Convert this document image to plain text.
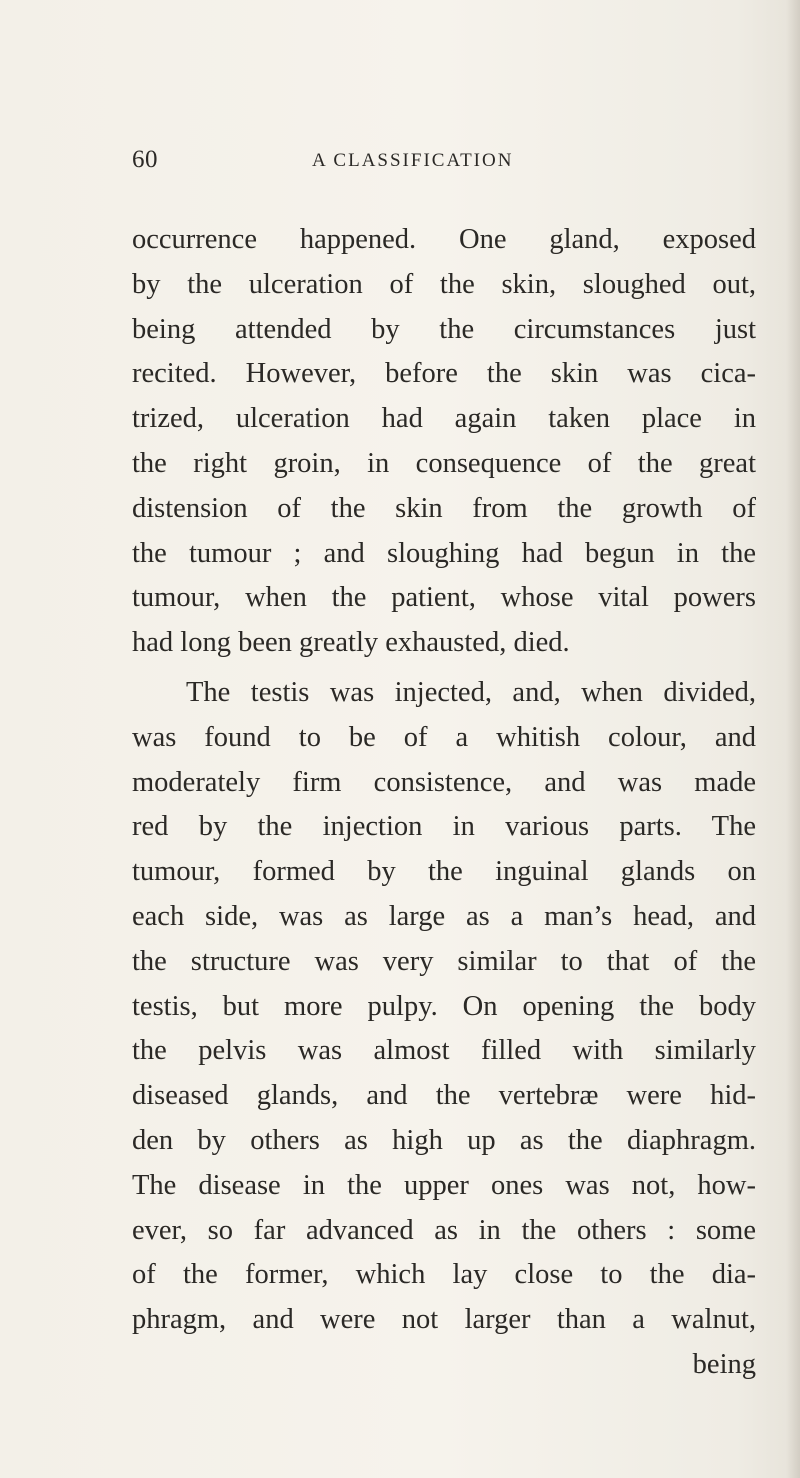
60	A CLASSIFICATION
occurrence happened. One gland, exposed
by the ulceration of the skin, sloughed out,
being attended by the circumstances just
recited. However, before the skin was cica-
trized, ulceration had again taken place in
the right groin, in consequence of the great
distension of the skin from the growth of
the tumour ; and sloughing had begun in the
tumour, when the patient, whose vital powers
had long been greatly exhausted, died.
The testis was injected, and, when divided,
was found to be of a whitish colour, and
moderately firm consistence, and was made
red by the injection in various parts. The
tumour, formed by the inguinal glands on
each side, was as large as a man’s head, and
the structure was very similar to that of the
testis, but more pulpy. On opening the body
the pelvis was almost filled with similarly
diseased glands, and the vertebræ were hid-
den by others as high up as the diaphragm.
The disease in the upper ones was not, how-
ever, so far advanced as in the others : some
of the former, which lay close to the dia-
phragm, and were not larger than a walnut,
being
